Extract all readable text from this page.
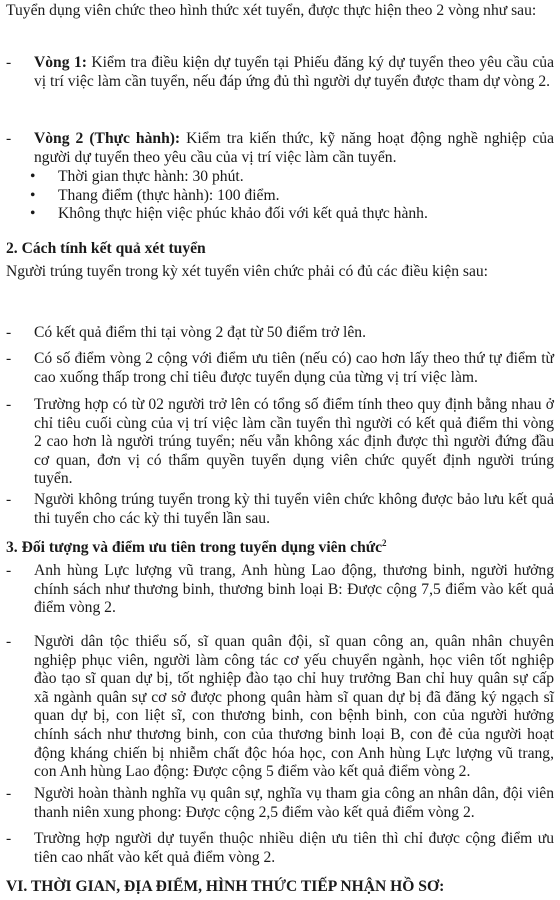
Tuyển dụng viên chức theo hình thức xét tuyển, được thực hiện theo 2 vòng như sau:
-	Vòng 1: Kiểm tra điều kiện dự tuyển tại Phiếu đăng ký dự tuyển theo yêu cầu của vị trí việc làm cần tuyển, nếu đáp ứng đủ thì người dự tuyển được tham dự vòng 2.
-	Vòng 2 (Thực hành): Kiểm tra kiến thức, kỹ năng hoạt động nghề nghiệp của người dự tuyển theo yêu cầu của vị trí việc làm cần tuyển.
• Thời gian thực hành: 30 phút.
• Thang điểm (thực hành): 100 điểm.
• Không thực hiện việc phúc khảo đối với kết quả thực hành.
2. Cách tính kết quả xét tuyển
Người trúng tuyển trong kỳ xét tuyển viên chức phải có đủ các điều kiện sau:
-	Có kết quả điểm thi tại vòng 2 đạt từ 50 điểm trở lên.
-	Có số điểm vòng 2 cộng với điểm ưu tiên (nếu có) cao hơn lấy theo thứ tự điểm từ cao xuống thấp trong chỉ tiêu được tuyển dụng của từng vị trí việc làm.
-	Trường hợp có từ 02 người trở lên có tổng số điểm tính theo quy định bằng nhau ở chỉ tiêu cuối cùng của vị trí việc làm cần tuyển thì người có kết quả điểm thi vòng 2 cao hơn là người trúng tuyển; nếu vẫn không xác định được thì người đứng đầu cơ quan, đơn vị có thẩm quyền tuyển dụng viên chức quyết định người trúng tuyển.
-	Người không trúng tuyển trong kỳ thi tuyển viên chức không được bảo lưu kết quả thi tuyển cho các kỳ thi tuyển lần sau.
3. Đối tượng và điểm ưu tiên trong tuyển dụng viên chức$^2$
-	Anh hùng Lực lượng vũ trang, Anh hùng Lao động, thương binh, người hưởng chính sách như thương binh, thương binh loại B: Được cộng 7,5 điểm vào kết quả điểm vòng 2.
-	Người dân tộc thiểu số, sĩ quan quân đội, sĩ quan công an, quân nhân chuyên nghiệp phục viên, người làm công tác cơ yếu chuyển ngành, học viên tốt nghiệp đào tạo sĩ quan dự bị, tốt nghiệp đào tạo chỉ huy trưởng Ban chỉ huy quân sự cấp xã ngành quân sự cơ sở được phong quân hàm sĩ quan dự bị đã đăng ký ngạch sĩ quan dự bị, con liệt sĩ, con thương binh, con bệnh binh, con của người hưởng chính sách như thương binh, con của thương binh loại B, con đẻ của người hoạt động kháng chiến bị nhiễm chất độc hóa học, con Anh hùng Lực lượng vũ trang, con Anh hùng Lao động: Được cộng 5 điểm vào kết quả điểm vòng 2.
-	Người hoàn thành nghĩa vụ quân sự, nghĩa vụ tham gia công an nhân dân, đội viên thanh niên xung phong: Được cộng 2,5 điểm vào kết quả điểm vòng 2.
-	Trường hợp người dự tuyển thuộc nhiều diện ưu tiên thì chỉ được cộng điểm ưu tiên cao nhất vào kết quả điểm vòng 2.
VI. THỜI GIAN, ĐỊA ĐIỂM, HÌNH THỨC TIẾP NHẬN HỒ SƠ:
